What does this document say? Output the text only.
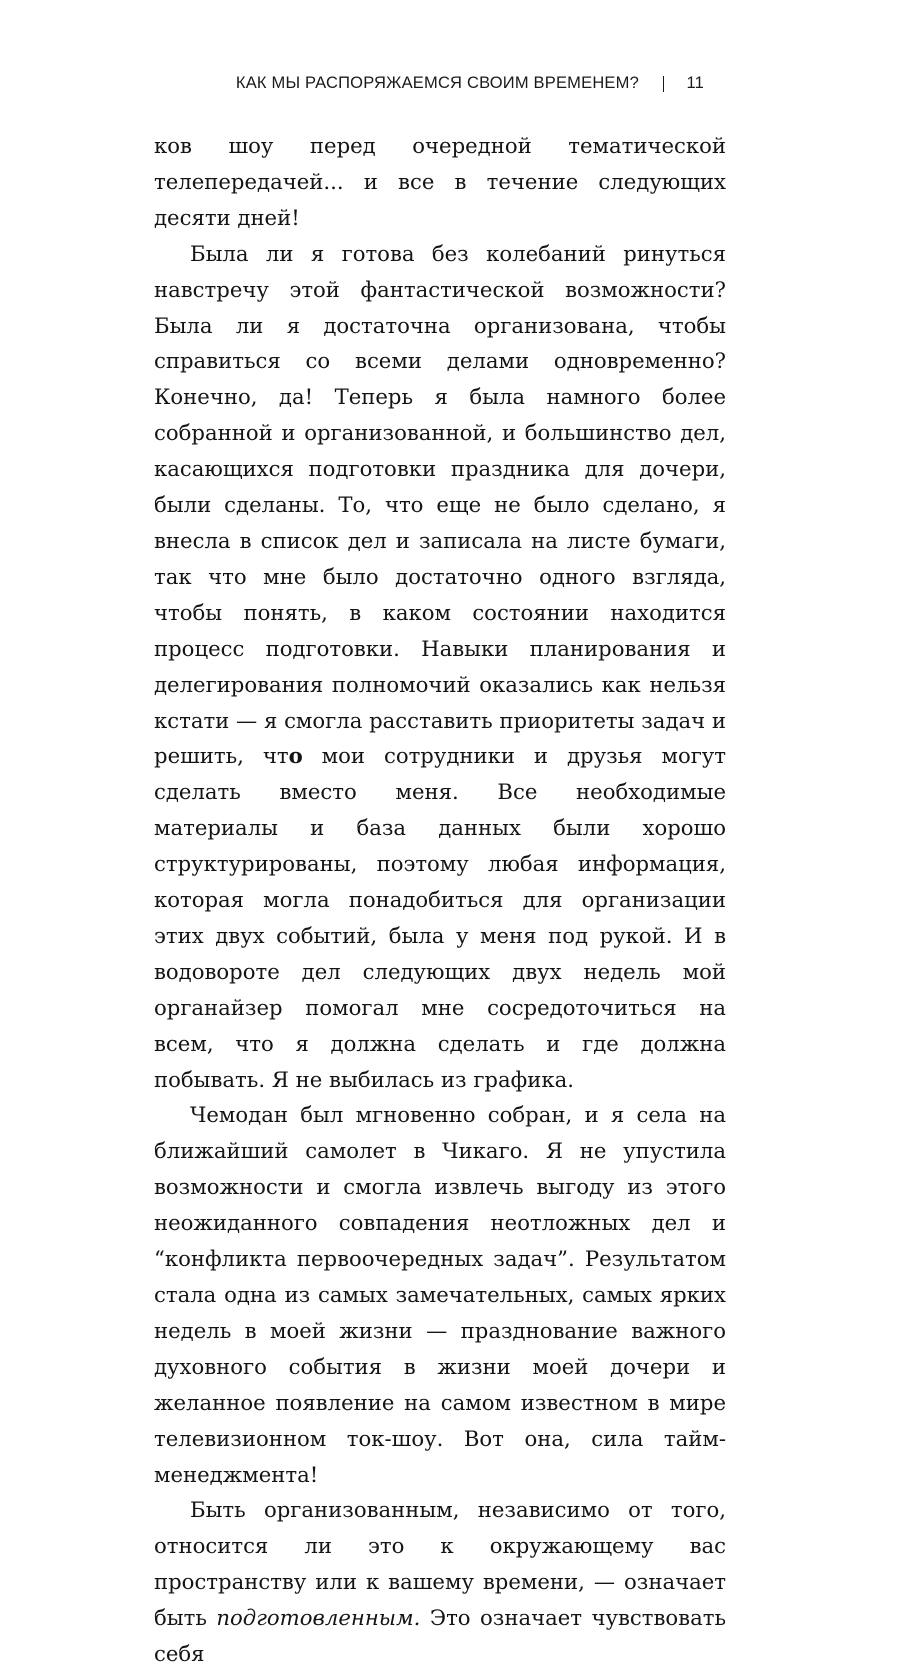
КАК МЫ РАСПОРЯЖАЕМСЯ СВОИМ ВРЕМЕНЕМ?	11

ков шоу перед очередной тематической телепередачей... и все в течение следующих десяти дней!

Была ли я готова без колебаний ринуться навстречу этой фантастической возможности? Была ли я достаточна организована, чтобы справиться со всеми делами одновременно? Конечно, да! Теперь я была намного более собранной и организованной, и большинство дел, касающихся подготовки праздника для дочери, были сделаны. То, что еще не было сделано, я внесла в список дел и записала на листе бумаги, так что мне было достаточно одного взгляда, чтобы понять, в каком состоянии находится процесс подготовки. Навыки планирования и делегирования полномочий оказались как нельзя кстати — я смогла расставить приоритеты задач и решить, что мои сотрудники и друзья могут сделать вместо меня. Все необходимые материалы и база данных были хорошо структурированы, поэтому любая информация, которая могла понадобиться для организации этих двух событий, была у меня под рукой. И в водовороте дел следующих двух недель мой органайзер помогал мне сосредоточиться на всем, что я должна сделать и где должна побывать. Я не выбилась из графика.

Чемодан был мгновенно собран, и я села на ближайший самолет в Чикаго. Я не упустила возможности и смогла извлечь выгоду из этого неожиданного совпадения неотложных дел и “конфликта первоочередных задач”. Результатом стала одна из самых замечательных, самых ярких недель в моей жизни — празднование важного духовного события в жизни моей дочери и желанное появление на самом известном в мире телевизионном ток-шоу. Вот она, сила тайм-менеджмента!

Быть организованным, независимо от того, относится ли это к окружающему вас пространству или к вашему времени, — означает быть подготовленным. Это означает чувствовать себя
